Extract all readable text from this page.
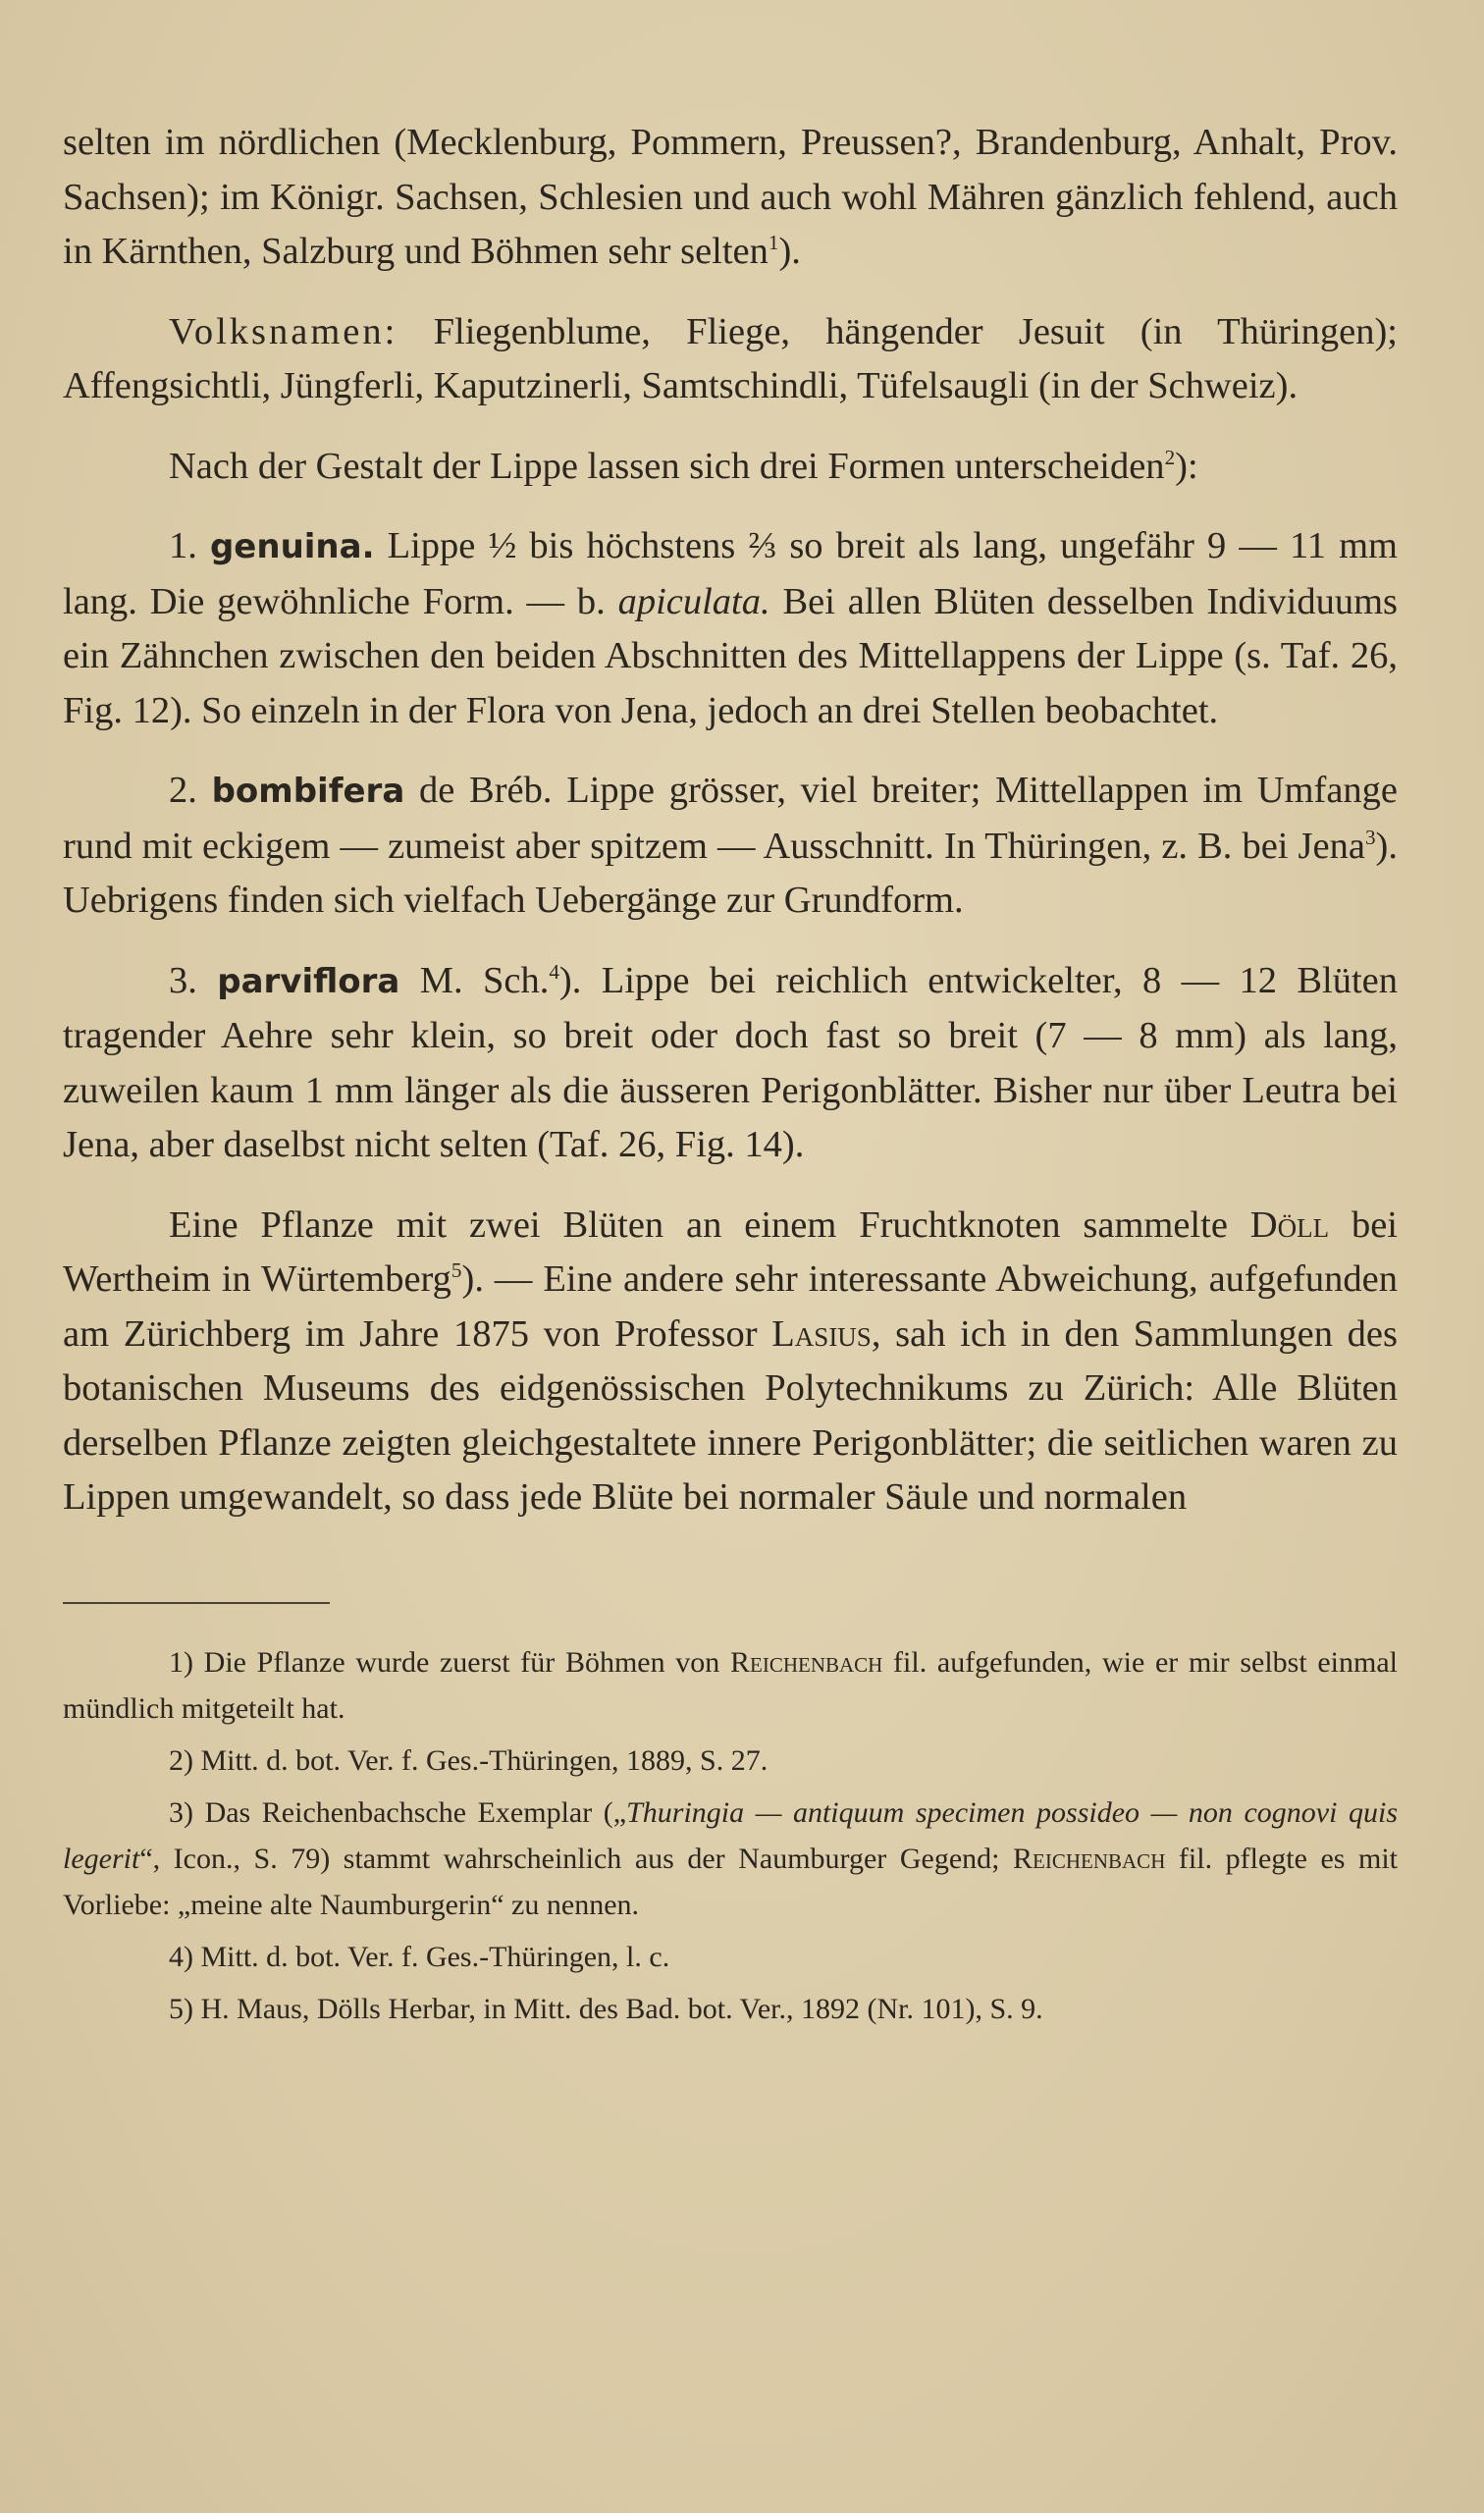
selten im nördlichen (Mecklenburg, Pommern, Preussen?, Brandenburg, Anhalt, Prov. Sachsen); im Königr. Sachsen, Schlesien und auch wohl Mähren gänzlich fehlend, auch in Kärnthen, Salzburg und Böhmen sehr selten$^1$).

Volksnamen: Fliegenblume, Fliege, hängender Jesuit (in Thüringen); Affengsichtli, Jüngferli, Kaputzinerli, Samtschindli, Tüfelsaugli (in der Schweiz).

Nach der Gestalt der Lippe lassen sich drei Formen unterscheiden$^2$):

1. genuina. Lippe ½ bis höchstens ⅔ so breit als lang, ungefähr 9 — 11 mm lang. Die gewöhnliche Form. — b. apiculata. Bei allen Blüten desselben Individuums ein Zähnchen zwischen den beiden Abschnitten des Mittellappens der Lippe (s. Taf. 26, Fig. 12). So einzeln in der Flora von Jena, jedoch an drei Stellen beobachtet.

2. bombifera de Bréb. Lippe grösser, viel breiter; Mittellappen im Umfange rund mit eckigem — zumeist aber spitzem — Ausschnitt. In Thüringen, z. B. bei Jena$^3$). Uebrigens finden sich vielfach Uebergänge zur Grundform.

3. parviflora M. Sch.$^4$). Lippe bei reichlich entwickelter, 8 — 12 Blüten tragender Aehre sehr klein, so breit oder doch fast so breit (7 — 8 mm) als lang, zuweilen kaum 1 mm länger als die äusseren Perigonblätter. Bisher nur über Leutra bei Jena, aber daselbst nicht selten (Taf. 26, Fig. 14).

Eine Pflanze mit zwei Blüten an einem Fruchtknoten sammelte Döll bei Wertheim in Würtemberg$^5$). — Eine andere sehr interessante Abweichung, aufgefunden am Zürichberg im Jahre 1875 von Professor Lasius, sah ich in den Sammlungen des botanischen Museums des eidgenössischen Polytechnikums zu Zürich: Alle Blüten derselben Pflanze zeigten gleichgestaltete innere Perigonblätter; die seitlichen waren zu Lippen umgewandelt, so dass jede Blüte bei normaler Säule und normalen

1) Die Pflanze wurde zuerst für Böhmen von Reichenbach fil. aufgefunden, wie er mir selbst einmal mündlich mitgeteilt hat.

2) Mitt. d. bot. Ver. f. Ges.-Thüringen, 1889, S. 27.

3) Das Reichenbachsche Exemplar („Thuringia — antiquum specimen possideo — non cognovi quis legerit“, Icon., S. 79) stammt wahrscheinlich aus der Naumburger Gegend; Reichenbach fil. pflegte es mit Vorliebe: „meine alte Naumburgerin“ zu nennen.

4) Mitt. d. bot. Ver. f. Ges.-Thüringen, l. c.

5) H. Maus, Dölls Herbar, in Mitt. des Bad. bot. Ver., 1892 (Nr. 101), S. 9.
